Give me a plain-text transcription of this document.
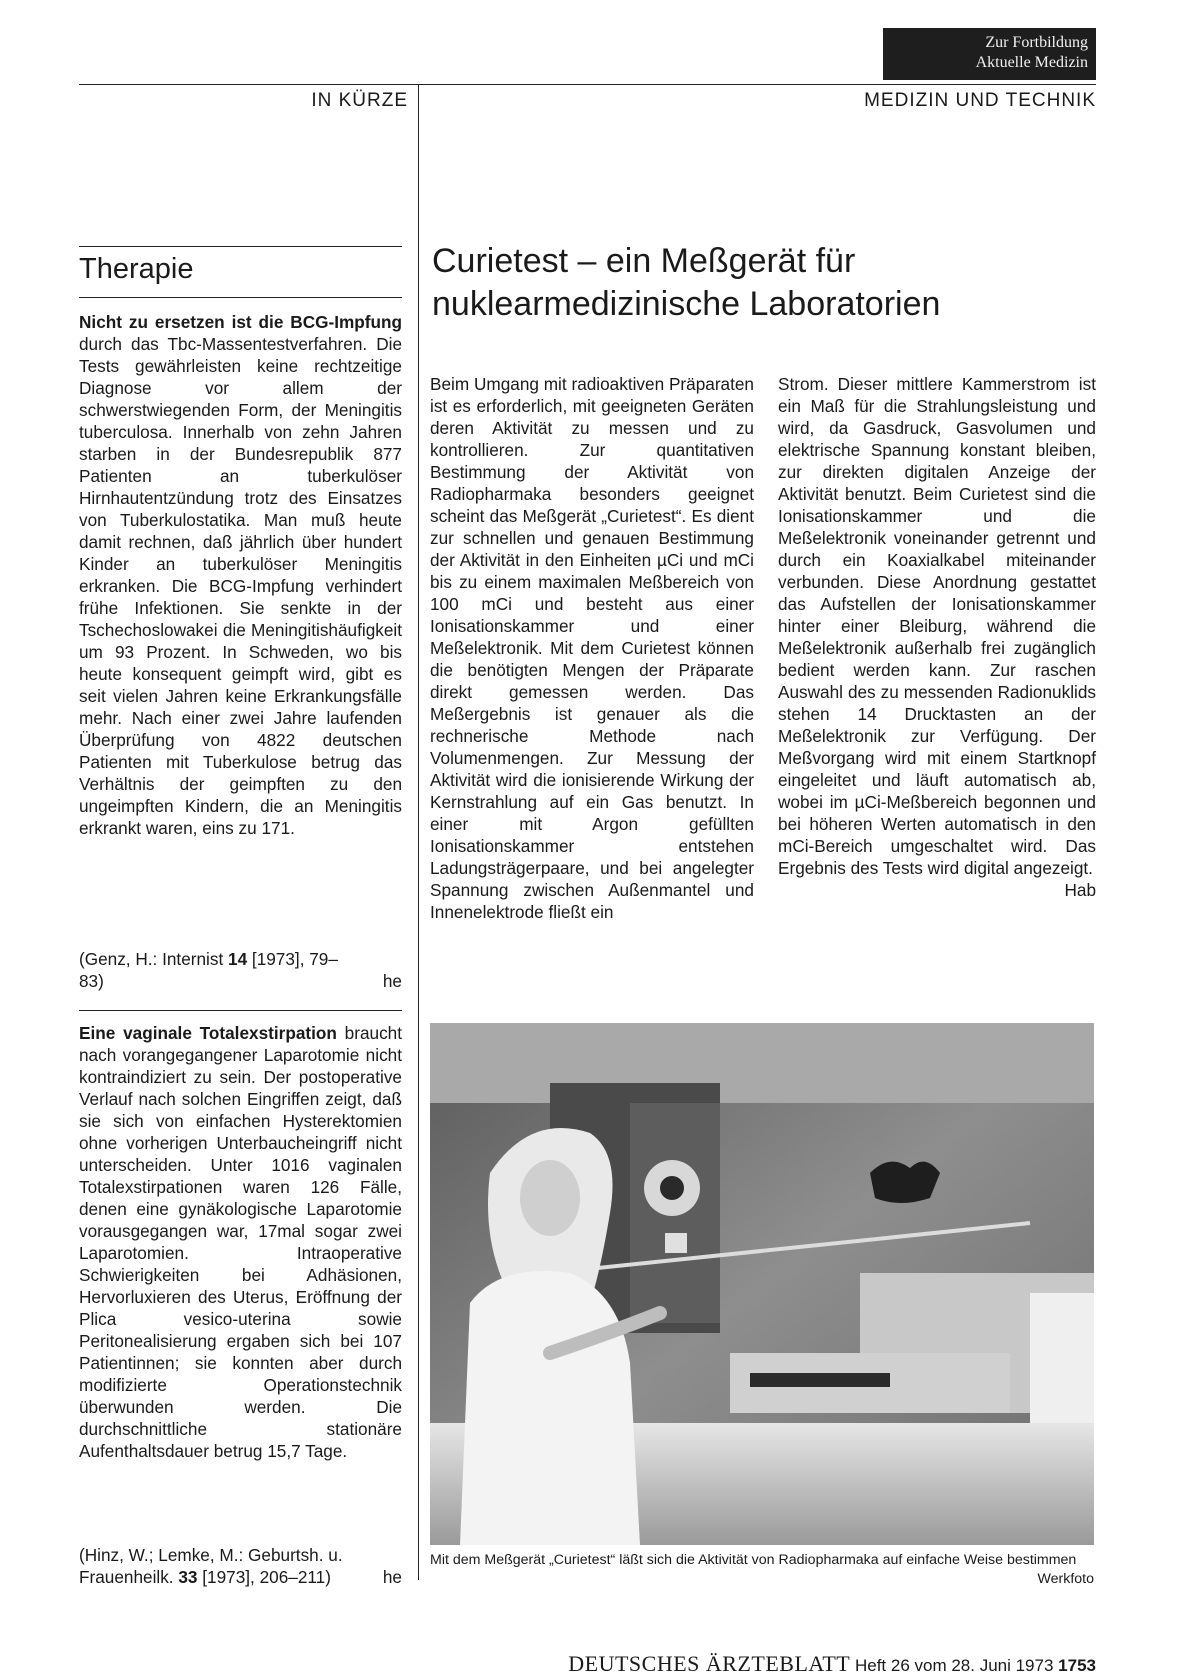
Zur Fortbildung
Aktuelle Medizin
IN KÜRZE	MEDIZIN UND TECHNIK
Therapie
Nicht zu ersetzen ist die BCG-Impfung durch das Tbc-Massentestverfahren. Die Tests gewährleisten keine rechtzeitige Diagnose vor allem der schwerstwiegenden Form, der Meningitis tuberculosa. Innerhalb von zehn Jahren starben in der Bundesrepublik 877 Patienten an tuberkulöser Hirnhautentzündung trotz des Einsatzes von Tuberkulostatika. Man muß heute damit rechnen, daß jährlich über hundert Kinder an tuberkulöser Meningitis erkranken. Die BCG-Impfung verhindert frühe Infektionen. Sie senkte in der Tschechoslowakei die Meningitishäufigkeit um 93 Prozent. In Schweden, wo bis heute konsequent geimpft wird, gibt es seit vielen Jahren keine Erkrankungsfälle mehr. Nach einer zwei Jahre laufenden Überprüfung von 4822 deutschen Patienten mit Tuberkulose betrug das Verhältnis der geimpften zu den ungeimpften Kindern, die an Meningitis erkrankt waren, eins zu 171.
(Genz, H.: Internist 14 [1973], 79–
83)	he
Eine vaginale Totalexstirpation braucht nach vorangegangener Laparotomie nicht kontraindiziert zu sein. Der postoperative Verlauf nach solchen Eingriffen zeigt, daß sie sich von einfachen Hysterektomien ohne vorherigen Unterbaucheingriff nicht unterscheiden. Unter 1016 vaginalen Totalexstirpationen waren 126 Fälle, denen eine gynäkologische Laparotomie vorausgegangen war, 17mal sogar zwei Laparotomien. Intraoperative Schwierigkeiten bei Adhäsionen, Hervorluxieren des Uterus, Eröffnung der Plica vesico-uterina sowie Peritonealisierung ergaben sich bei 107 Patientinnen; sie konnten aber durch modifizierte Operationstechnik überwunden werden. Die durchschnittliche stationäre Aufenthaltsdauer betrug 15,7 Tage.
(Hinz, W.; Lemke, M.: Geburtsh. u.
Frauenheilk. 33 [1973], 206–211)	he
Curietest – ein Meßgerät für
nuklearmedizinische Laboratorien
Beim Umgang mit radioaktiven Präparaten ist es erforderlich, mit geeigneten Geräten deren Aktivität zu messen und zu kontrollieren. Zur quantitativen Bestimmung der Aktivität von Radiopharmaka besonders geeignet scheint das Meßgerät „Curietest“. Es dient zur schnellen und genauen Bestimmung der Aktivität in den Einheiten µCi und mCi bis zu einem maximalen Meßbereich von 100 mCi und besteht aus einer Ionisationskammer und einer Meßelektronik. Mit dem Curietest können die benötigten Mengen der Präparate direkt gemessen werden. Das Meßergebnis ist genauer als die rechnerische Methode nach Volumenmengen. Zur Messung der Aktivität wird die ionisierende Wirkung der Kernstrahlung auf ein Gas benutzt. In einer mit Argon gefüllten Ionisationskammer entstehen Ladungsträgerpaare, und bei angelegter Spannung zwischen Außenmantel und Innenelektrode fließt ein
Strom. Dieser mittlere Kammerstrom ist ein Maß für die Strahlungsleistung und wird, da Gasdruck, Gasvolumen und elektrische Spannung konstant bleiben, zur direkten digitalen Anzeige der Aktivität benutzt. Beim Curietest sind die Ionisationskammer und die Meßelektronik voneinander getrennt und durch ein Koaxialkabel miteinander verbunden. Diese Anordnung gestattet das Aufstellen der Ionisationskammer hinter einer Bleiburg, während die Meßelektronik außerhalb frei zugänglich bedient werden kann. Zur raschen Auswahl des zu messenden Radionuklids stehen 14 Drucktasten an der Meßelektronik zur Verfügung. Der Meßvorgang wird mit einem Startknopf eingeleitet und läuft automatisch ab, wobei im µCi-Meßbereich begonnen und bei höheren Werten automatisch in den mCi-Bereich umgeschaltet wird. Das Ergebnis des Tests wird digital angezeigt.
Hab
Mit dem Meßgerät „Curietest“ läßt sich die Aktivität von Radiopharmaka auf einfache Weise bestimmen
Werkfoto
DEUTSCHES ÄRZTEBLATT Heft 26 vom 28. Juni 1973 1753
